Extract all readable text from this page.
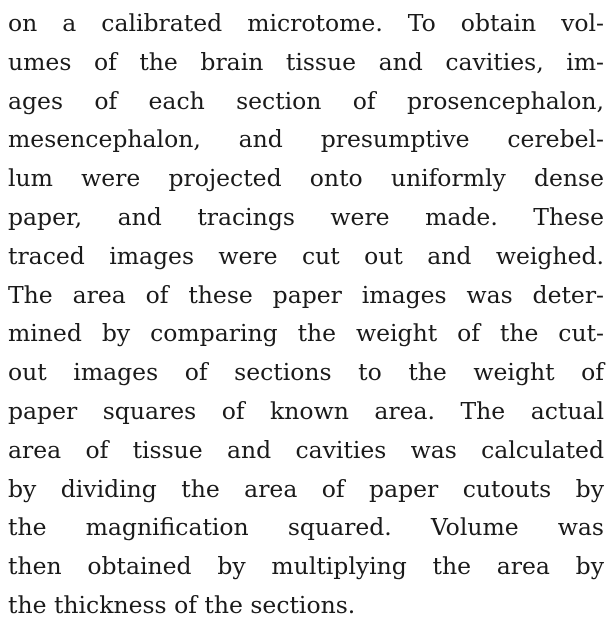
on a calibrated microtome. To obtain vol-
umes of the brain tissue and cavities, im-
ages of each section of prosencephalon,
mesencephalon, and presumptive cerebel-
lum were projected onto uniformly dense
paper, and tracings were made. These
traced images were cut out and weighed.
The area of these paper images was deter-
mined by comparing the weight of the cut-
out images of sections to the weight of
paper squares of known area. The actual
area of tissue and cavities was calculated
by dividing the area of paper cutouts by
the magnification squared. Volume was
then obtained by multiplying the area by
the thickness of the sections.
